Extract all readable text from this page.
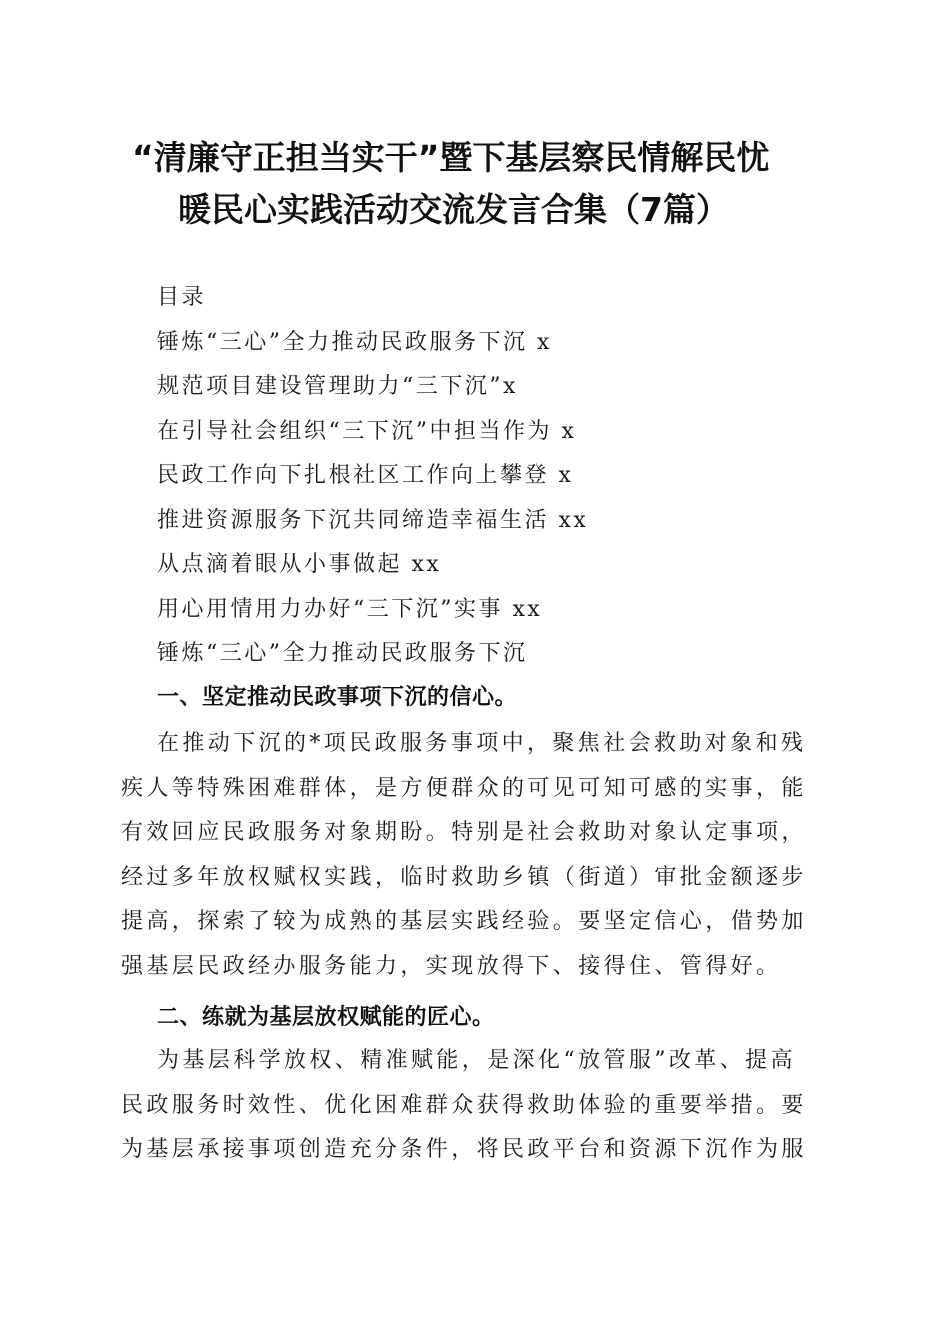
“清廉守正担当实干”暨下基层察民情解民忧
暖民心实践活动交流发言合集（7篇）
目录
锤炼“三心”全力推动民政服务下沉 x
规范项目建设管理助力“三下沉”x
在引导社会组织“三下沉”中担当作为 x
民政工作向下扎根社区工作向上攀登 x
推进资源服务下沉共同缔造幸福生活 xx
从点滴着眼从小事做起 xx
用心用情用力办好“三下沉”实事 xx
锤炼“三心”全力推动民政服务下沉
一、坚定推动民政事项下沉的信心。
在推动下沉的*项民政服务事项中，聚焦社会救助对象和残
疾人等特殊困难群体，是方便群众的可见可知可感的实事，能
有效回应民政服务对象期盼。特别是社会救助对象认定事项，
经过多年放权赋权实践，临时救助乡镇（街道）审批金额逐步
提高，探索了较为成熟的基层实践经验。要坚定信心，借势加
强基层民政经办服务能力，实现放得下、接得住、管得好。
二、练就为基层放权赋能的匠心。
为基层科学放权、精准赋能，是深化“放管服”改革、提高
民政服务时效性、优化困难群众获得救助体验的重要举措。要
为基层承接事项创造充分条件，将民政平台和资源下沉作为服
